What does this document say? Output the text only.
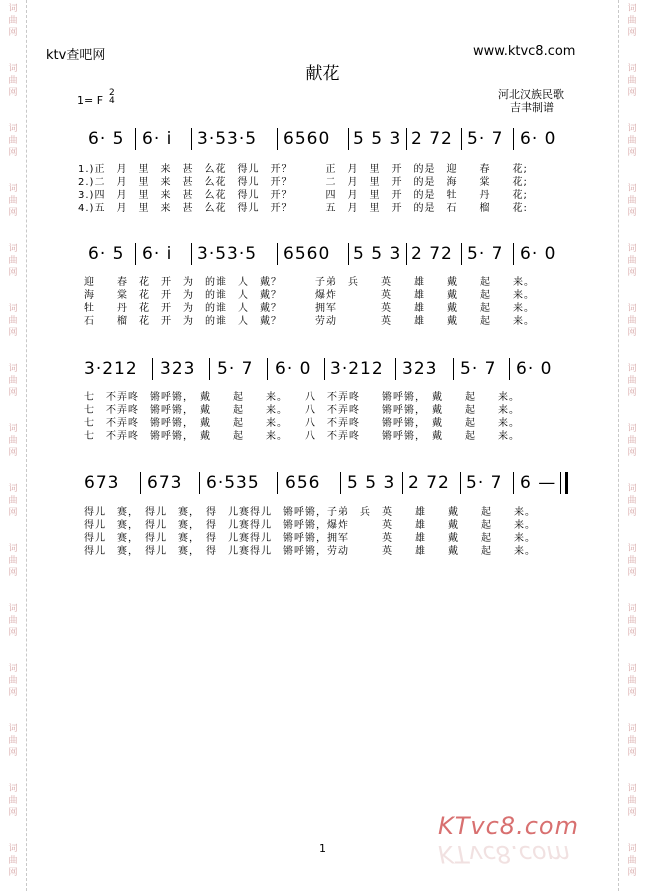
词
曲
网
词
曲
网
词
曲
网
词
曲
网
词
曲
网
词
曲
网
词
曲
网
词
曲
网
词
曲
网
词
曲
网
词
曲
网
词
曲
网
词
曲
网
词
曲
网
词
曲
网
词
曲
网
词
曲
网
词
曲
网
词
曲
网
词
曲
网
词
曲
网
词
曲
网
词
曲
网
词
曲
网
词
曲
网
词
曲
网
词
曲
网
词
曲
网
词
曲
网
词
曲
网
ktv查吧网	www.ktvc8.com
献花
河北汉族民歌
吉聿制谱
1= F
2
4
6· 5 6· i 3·53·5 6560 5 5 3 2 72 5· 7 6· 0
1.)正　月　里　来　甚　么花　得儿　开？　　　正　月　里　开　的是　迎　　春　　花;
2.)二　月　里　来　甚　么花　得儿　开？　　　二　月　里　开　的是　海　　棠　　花;
3.)四　月　里　来　甚　么花　得儿　开？　　　四　月　里　开　的是　牡　　丹　　花;
4.)五　月　里　来　甚　么花　得儿　开？　　　五　月　里　开　的是　石　　榴　　花:
6· 5 6· i 3·53·5 6560 5 5 3 2 72 5· 7 6· 0
迎　　春　花　开　为　的谁　人　戴？　　　子弟　兵　　英　　雄　　戴　　起　　来。
海　　棠　花　开　为　的谁　人　戴？　　　爆炸　　　　英　　雄　　戴　　起　　来。
牡　　丹　花　开　为　的谁　人　戴？　　　拥军　　　　英　　雄　　戴　　起　　来。
石　　榴　花　开　为　的谁　人　戴？　　　劳动　　　　英　　雄　　戴　　起　　来。
3·212 323 5· 7 6· 0 3·212 323 5· 7 6· 0
七　不弄咚　锵呼锵，　戴　　起　　来。　　八　不弄咚　　锵呼锵，　戴　　起　　来。
七　不弄咚　锵呼锵，　戴　　起　　来。　　八　不弄咚　　锵呼锵，　戴　　起　　来。
七　不弄咚　锵呼锵，　戴　　起　　来。　　八　不弄咚　　锵呼锵，　戴　　起　　来。
七　不弄咚　锵呼锵，　戴　　起　　来。　　八　不弄咚　　锵呼锵，　戴　　起　　来。
673 673 6·535 656 5 5 3 2 72 5· 7 6 —
得儿　赛，　得儿　赛，　得　儿赛得儿　锵呼锵，子弟　兵　英　　雄　　戴　　起　　来。
得儿　赛，　得儿　赛，　得　儿赛得儿　锵呼锵，爆炸　　　英　　雄　　戴　　起　　来。
得儿　赛，　得儿　赛，　得　儿赛得儿　锵呼锵，拥军　　　英　　雄　　戴　　起　　来。
得儿　赛，　得儿　赛，　得　儿赛得儿　锵呼锵，劳动　　　英　　雄　　戴　　起　　来。
KTvc8.com
KTvc8.com
1
